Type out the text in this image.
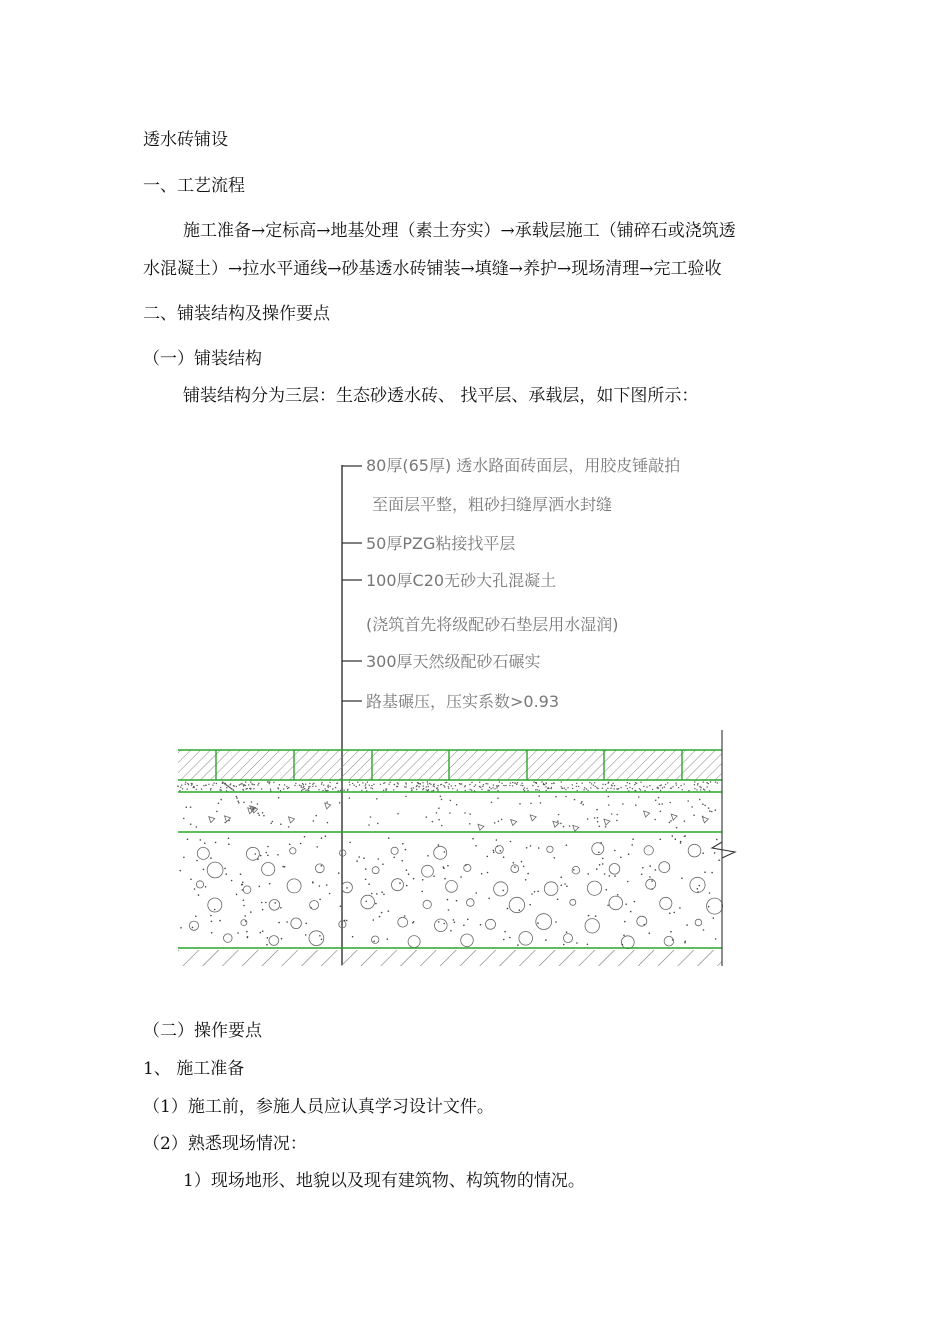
透水砖铺设
一、工艺流程
施工准备→定标高→地基处理（素土夯实）→承载层施工（铺碎石或浇筑透
水混凝土）→拉水平通线→砂基透水砖铺装→填缝→养护→现场清理→完工验收
二、铺装结构及操作要点
（一）铺装结构
铺装结构分为三层：生态砂透水砖、 找平层、承载层，如下图所示：
80厚(65厚) 透水路面砖面层，用胶皮锤敲拍
至面层平整，粗砂扫缝厚洒水封缝
50厚PZG粘接找平层
100厚C20无砂大孔混凝土
(浇筑首先将级配砂石垫层用水湿润)
300厚天然级配砂石碾实
路基碾压，压实系数>0.93
（二）操作要点
1、 施工准备
（1）施工前，参施人员应认真学习设计文件。
（2）熟悉现场情况：
1）现场地形、地貌以及现有建筑物、构筑物的情况。
